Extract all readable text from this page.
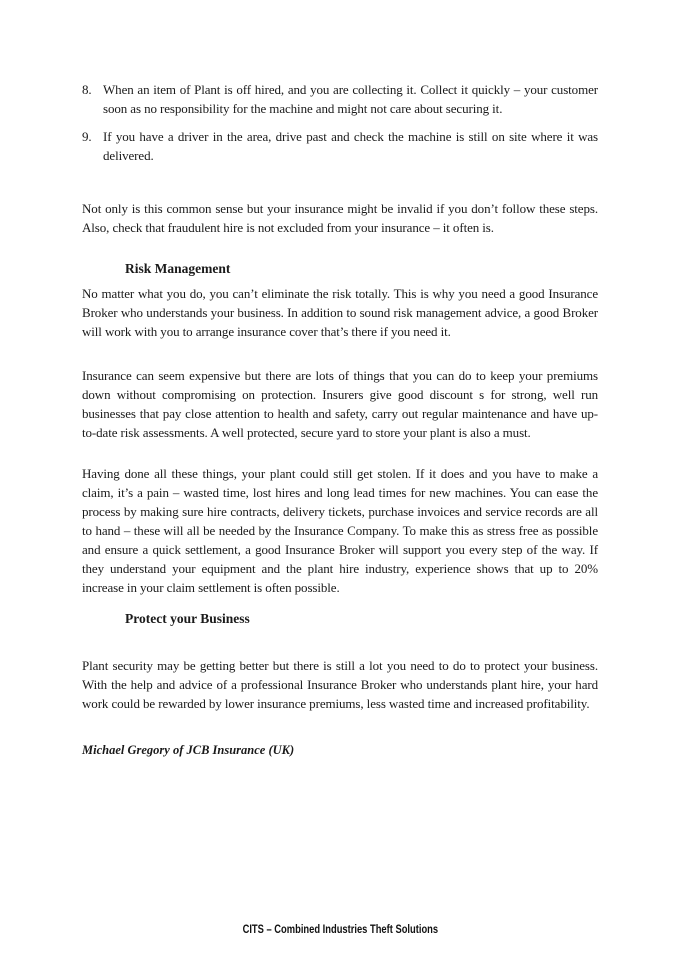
8. When an item of Plant is off hired, and you are collecting it. Collect it quickly – your customer soon as no responsibility for the machine and might not care about securing it.
9. If you have a driver in the area, drive past and check the machine is still on site where it was delivered.

Not only is this common sense but your insurance might be invalid if you don’t follow these steps. Also, check that fraudulent hire is not excluded from your insurance – it often is.

Risk Management

No matter what you do, you can’t eliminate the risk totally. This is why you need a good Insurance Broker who understands your business. In addition to sound risk management advice, a good Broker will work with you to arrange insurance cover that’s there if you need it.

Insurance can seem expensive but there are lots of things that you can do to keep your premiums down without compromising on protection. Insurers give good discount s for strong, well run businesses that pay close attention to health and safety, carry out regular maintenance and have up-to-date risk assessments. A well protected, secure yard to store your plant is also a must.

Having done all these things, your plant could still get stolen. If it does and you have to make a claim, it’s a pain – wasted time, lost hires and long lead times for new machines. You can ease the process by making sure hire contracts, delivery tickets, purchase invoices and service records are all to hand – these will all be needed by the Insurance Company. To make this as stress free as possible and ensure a quick settlement, a good Insurance Broker will support you every step of the way. If they understand your equipment and the plant hire industry, experience shows that up to 20% increase in your claim settlement is often possible.

Protect your Business

Plant security may be getting better but there is still a lot you need to do to protect your business. With the help and advice of a professional Insurance Broker who understands plant hire, your hard work could be rewarded by lower insurance premiums, less wasted time and increased profitability.

Michael Gregory of JCB Insurance (UK)

CITS – Combined Industries Theft Solutions
